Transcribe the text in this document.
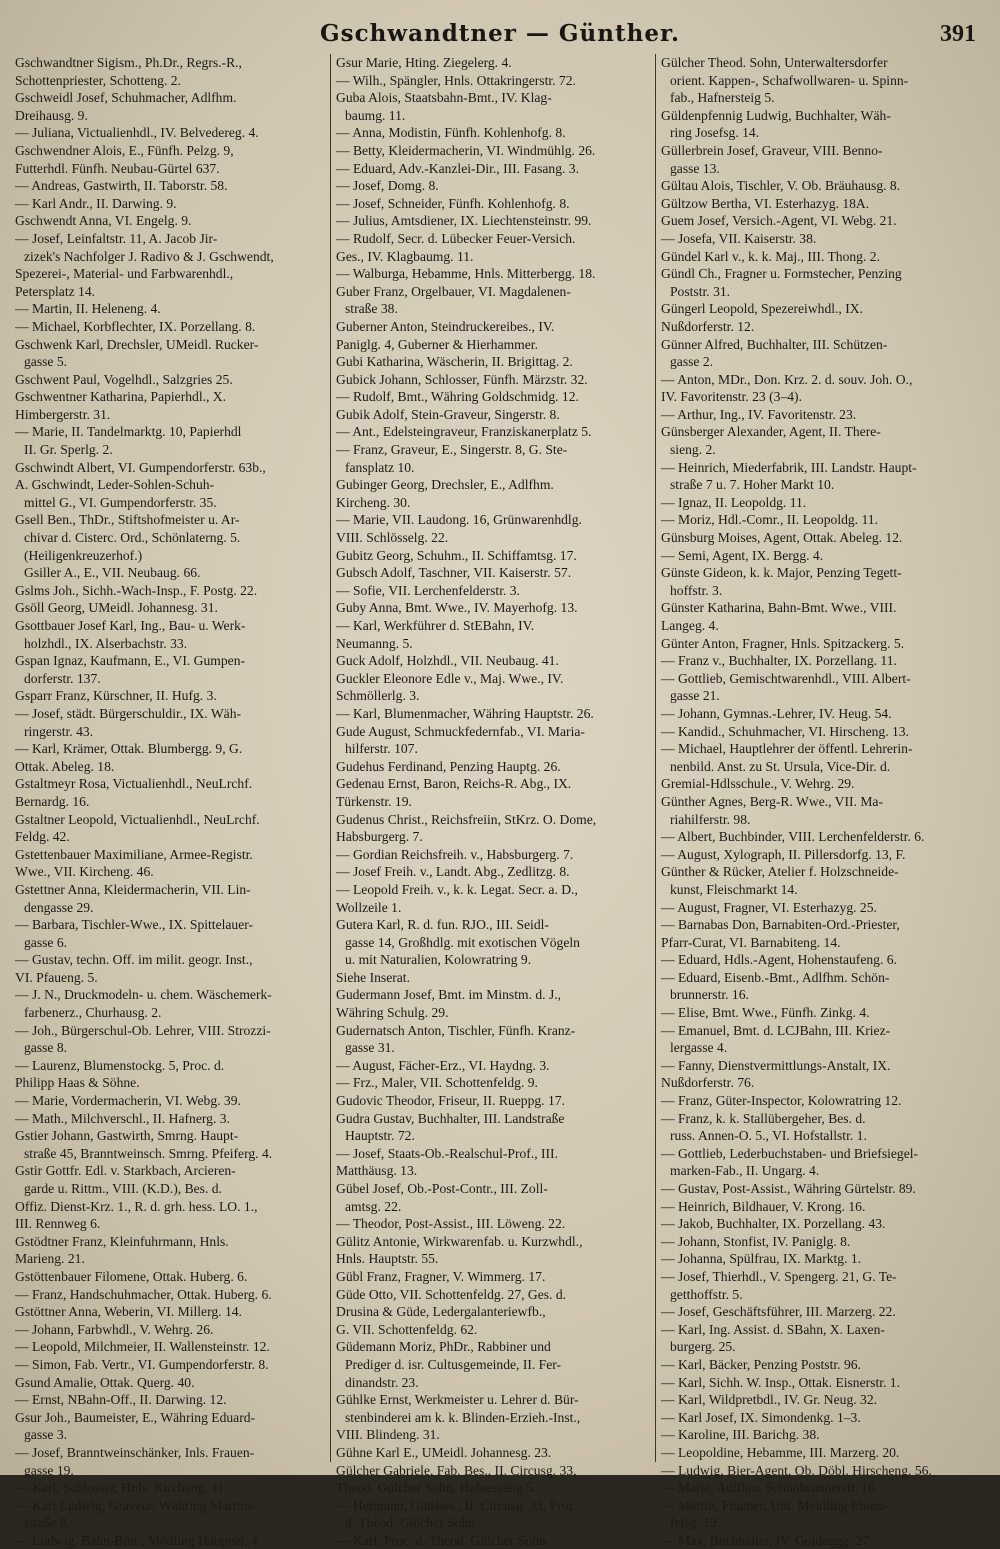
Gschwandtner — Günther.	391
Gschwandtner Sigism., Ph.Dr., Regrs.-R.,
Schottenpriester, Schotteng. 2.
Gschweidl Josef, Schuhmacher, Adlfhm.
Dreihausg. 9.
— Juliana, Victualienhdl., IV. Belvedereg. 4.
Gschwendner Alois, E., Fünfh. Pelzg. 9,
Futterhdl. Fünfh. Neubau-Gürtel 637.
— Andreas, Gastwirth, II. Taborstr. 58.
— Karl Andr., II. Darwing. 9.
Gschwendt Anna, VI. Engelg. 9.
— Josef, Leinfaltstr. 11, A. Jacob Jir-
zizek's Nachfolger J. Radivo & J. Gschwendt,
Spezerei-, Material- und Farbwarenhdl.,
Petersplatz 14.
— Martin, II. Heleneng. 4.
— Michael, Korbflechter, IX. Porzellang. 8.
Gschwenk Karl, Drechsler, UMeidl. Rucker-
gasse 5.
Gschwent Paul, Vogelhdl., Salzgries 25.
Gschwentner Katharina, Papierhdl., X.
Himbergerstr. 31.
— Marie, II. Tandelmarktg. 10, Papierhdl
II. Gr. Sperlg. 2.
Gschwindt Albert, VI. Gumpendorferstr. 63b.,
A. Gschwindt, Leder-Sohlen-Schuh-
mittel G., VI. Gumpendorferstr. 35.
Gsell Ben., ThDr., Stiftshofmeister u. Ar-
chivar d. Cisterc. Ord., Schönlaterng. 5.
(Heiligenkreuzerhof.)
Gsiller A., E., VII. Neubaug. 66.
Gslms Joh., Sichh.-Wach-Insp., F. Postg. 22.
Gsöll Georg, UMeidl. Johannesg. 31.
Gsottbauer Josef Karl, Ing., Bau- u. Werk-
holzhdl., IX. Alserbachstr. 33.
Gspan Ignaz, Kaufmann, E., VI. Gumpen-
dorferstr. 137.
Gsparr Franz, Kürschner, II. Hufg. 3.
— Josef, städt. Bürgerschuldir., IX. Wäh-
ringerstr. 43.
— Karl, Krämer, Ottak. Blumbergg. 9, G.
Ottak. Abeleg. 18.
Gstaltmeyr Rosa, Victualienhdl., NeuLrchf.
Bernardg. 16.
Gstaltner Leopold, Victualienhdl., NeuLrchf.
Feldg. 42.
Gstettenbauer Maximiliane, Armee-Registr.
Wwe., VII. Kircheng. 46.
Gstettner Anna, Kleidermacherin, VII. Lin-
dengasse 29.
— Barbara, Tischler-Wwe., IX. Spittelauer-
gasse 6.
— Gustav, techn. Off. im milit. geogr. Inst.,
VI. Pfaueng. 5.
— J. N., Druckmodeln- u. chem. Wäschemerk-
farbenerz., Churhausg. 2.
— Joh., Bürgerschul-Ob. Lehrer, VIII. Strozzi-
gasse 8.
— Laurenz, Blumenstockg. 5, Proc. d.
Philipp Haas & Söhne.
— Marie, Vordermacherin, VI. Webg. 39.
— Math., Milchverschl., II. Hafnerg. 3.
Gstier Johann, Gastwirth, Smrng. Haupt-
straße 45, Branntweinsch. Smrng. Pfeiferg. 4.
Gstir Gottfr. Edl. v. Starkbach, Arcieren-
garde u. Rittm., VIII. (K.D.), Bes. d.
Offiz. Dienst-Krz. 1., R. d. grh. hess. LO. 1.,
III. Rennweg 6.
Gstödtner Franz, Kleinfuhrmann, Hnls.
Marieng. 21.
Gstöttenbauer Filomene, Ottak. Huberg. 6.
— Franz, Handschuhmacher, Ottak. Huberg. 6.
Gstöttner Anna, Weberin, VI. Millerg. 14.
— Johann, Farbwhdl., V. Wehrg. 26.
— Leopold, Milchmeier, II. Wallensteinstr. 12.
— Simon, Fab. Vertr., VI. Gumpendorferstr. 8.
Gsund Amalie, Ottak. Querg. 40.
— Ernst, NBahn-Off., II. Darwing. 12.
Gsur Joh., Baumeister, E., Währing Eduard-
gasse 3.
— Josef, Branntweinschänker, Inls. Frauen-
gasse 19.
— Karl, Schlosser, Hnls. Kircheng. 11.
— Karl Ludwig, Graveur, Währing Martins-
straße 8.
— Ludwig, Bahn-Bmt., Mödling Hauptstr. 4.
Gsur Marie, Hting. Ziegelerg. 4.
— Wilh., Spängler, Hnls. Ottakringerstr. 72.
Guba Alois, Staatsbahn-Bmt., IV. Klag-
baumg. 11.
— Anna, Modistin, Fünfh. Kohlenhofg. 8.
— Betty, Kleidermacherin, VI. Windmühlg. 26.
— Eduard, Adv.-Kanzlei-Dir., III. Fasang. 3.
— Josef, Domg. 8.
— Josef, Schneider, Fünfh. Kohlenhofg. 8.
— Julius, Amtsdiener, IX. Liechtensteinstr. 99.
— Rudolf, Secr. d. Lübecker Feuer-Versich.
Ges., IV. Klagbaumg. 11.
— Walburga, Hebamme, Hnls. Mitterbergg. 18.
Guber Franz, Orgelbauer, VI. Magdalenen-
straße 38.
Guberner Anton, Steindruckereibes., IV.
Paniglg. 4, Guberner & Hierhammer.
Gubi Katharina, Wäscherin, II. Brigittag. 2.
Gubick Johann, Schlosser, Fünfh. Märzstr. 32.
— Rudolf, Bmt., Währing Goldschmidg. 12.
Gubik Adolf, Stein-Graveur, Singerstr. 8.
— Ant., Edelsteingraveur, Franziskanerplatz 5.
— Franz, Graveur, E., Singerstr. 8, G. Ste-
fansplatz 10.
Gubinger Georg, Drechsler, E., Adlfhm.
Kircheng. 30.
— Marie, VII. Laudong. 16, Grünwarenhdlg.
VIII. Schlösselg. 22.
Gubitz Georg, Schuhm., II. Schiffamtsg. 17.
Gubsch Adolf, Taschner, VII. Kaiserstr. 57.
— Sofie, VII. Lerchenfelderstr. 3.
Guby Anna, Bmt. Wwe., IV. Mayerhofg. 13.
— Karl, Werkführer d. StEBahn, IV.
Neumanng. 5.
Guck Adolf, Holzhdl., VII. Neubaug. 41.
Guckler Eleonore Edle v., Maj. Wwe., IV.
Schmöllerlg. 3.
— Karl, Blumenmacher, Währing Hauptstr. 26.
Gude August, Schmuckfedernfab., VI. Maria-
hilferstr. 107.
Gudehus Ferdinand, Penzing Hauptg. 26.
Gedenau Ernst, Baron, Reichs-R. Abg., IX.
Türkenstr. 19.
Gudenus Christ., Reichsfreiin, StKrz. O. Dome,
Habsburgerg. 7.
— Gordian Reichsfreih. v., Habsburgerg. 7.
— Josef Freih. v., Landt. Abg., Zedlitzg. 8.
— Leopold Freih. v., k. k. Legat. Secr. a. D.,
Wollzeile 1.
Gutera Karl, R. d. fun. RJO., III. Seidl-
gasse 14, Großhdlg. mit exotischen Vögeln
u. mit Naturalien, Kolowratring 9.
Siehe Inserat.
Gudermann Josef, Bmt. im Minstm. d. J.,
Währing Schulg. 29.
Gudernatsch Anton, Tischler, Fünfh. Kranz-
gasse 31.
— August, Fächer-Erz., VI. Haydng. 3.
— Frz., Maler, VII. Schottenfeldg. 9.
Gudovic Theodor, Friseur, II. Rueppg. 17.
Gudra Gustav, Buchhalter, III. Landstraße
Hauptstr. 72.
— Josef, Staats-Ob.-Realschul-Prof., III.
Matthäusg. 13.
Gübel Josef, Ob.-Post-Contr., III. Zoll-
amtsg. 22.
— Theodor, Post-Assist., III. Löweng. 22.
Gülitz Antonie, Wirkwarenfab. u. Kurzwhdl.,
Hnls. Hauptstr. 55.
Gübl Franz, Fragner, V. Wimmerg. 17.
Güde Otto, VII. Schottenfeldg. 27, Ges. d.
Drusina & Güde, Ledergalanteriewfb.,
G. VII. Schottenfeldg. 62.
Güdemann Moriz, PhDr., Rabbiner und
Prediger d. isr. Cultusgemeinde, II. Fer-
dinandstr. 23.
Gühlke Ernst, Werkmeister u. Lehrer d. Bür-
stenbinderei am k. k. Blinden-Erzieh.-Inst.,
VIII. Blindeng. 31.
Gühne Karl E., UMeidl. Johannesg. 23.
Gülcher Gabriele, Fab. Bes., II. Circusg. 33,
Theod. Gülcher Sohn, Hafnersteig 5.
— Hermann, Gutsbes., II. Circusg. 33, Proc.
d. Theod. Gülcher Sohn.
— Karl, Proc. d. Theod. Gülcher Sohn.
Gülcher Theod. Sohn, Unterwaltersdorfer
orient. Kappen-, Schafwollwaren- u. Spinn-
fab., Hafnersteig 5.
Güldenpfennig Ludwig, Buchhalter, Wäh-
ring Josefsg. 14.
Güllerbrein Josef, Graveur, VIII. Benno-
gasse 13.
Gültau Alois, Tischler, V. Ob. Bräuhausg. 8.
Gültzow Bertha, VI. Esterhazyg. 18A.
Guem Josef, Versich.-Agent, VI. Webg. 21.
— Josefa, VII. Kaiserstr. 38.
Gündel Karl v., k. k. Maj., III. Thong. 2.
Gündl Ch., Fragner u. Formstecher, Penzing
Poststr. 31.
Güngerl Leopold, Spezereiwhdl., IX.
Nußdorferstr. 12.
Günner Alfred, Buchhalter, III. Schützen-
gasse 2.
— Anton, MDr., Don. Krz. 2. d. souv. Joh. O.,
IV. Favoritenstr. 23 (3–4).
— Arthur, Ing., IV. Favoritenstr. 23.
Günsberger Alexander, Agent, II. There-
sieng. 2.
— Heinrich, Miederfabrik, III. Landstr. Haupt-
straße 7 u. 7. Hoher Markt 10.
— Ignaz, II. Leopoldg. 11.
— Moriz, Hdl.-Comr., II. Leopoldg. 11.
Günsburg Moises, Agent, Ottak. Abeleg. 12.
— Semi, Agent, IX. Bergg. 4.
Günste Gideon, k. k. Major, Penzing Tegett-
hoffstr. 3.
Günster Katharina, Bahn-Bmt. Wwe., VIII.
Langeg. 4.
Günter Anton, Fragner, Hnls. Spitzackerg. 5.
— Franz v., Buchhalter, IX. Porzellang. 11.
— Gottlieb, Gemischtwarenhdl., VIII. Albert-
gasse 21.
— Johann, Gymnas.-Lehrer, IV. Heug. 54.
— Kandid., Schuhmacher, VI. Hirscheng. 13.
— Michael, Hauptlehrer der öffentl. Lehrerin-
nenbild. Anst. zu St. Ursula, Vice-Dir. d.
Gremial-Hdlsschule., V. Wehrg. 29.
Günther Agnes, Berg-R. Wwe., VII. Ma-
riahilferstr. 98.
— Albert, Buchbinder, VIII. Lerchenfelderstr. 6.
— August, Xylograph, II. Pillersdorfg. 13, F.
Günther & Rücker, Atelier f. Holzschneide-
kunst, Fleischmarkt 14.
— August, Fragner, VI. Esterhazyg. 25.
— Barnabas Don, Barnabiten-Ord.-Priester,
Pfarr-Curat, VI. Barnabiteng. 14.
— Eduard, Hdls.-Agent, Hohenstaufeng. 6.
— Eduard, Eisenb.-Bmt., Adlfhm. Schön-
brunnerstr. 16.
— Elise, Bmt. Wwe., Fünfh. Zinkg. 4.
— Emanuel, Bmt. d. LCJBahn, III. Kriez-
lergasse 4.
— Fanny, Dienstvermittlungs-Anstalt, IX.
Nußdorferstr. 76.
— Franz, Güter-Inspector, Kolowratring 12.
— Franz, k. k. Stallübergeher, Bes. d.
russ. Annen-O. 5., VI. Hofstallstr. 1.
— Gottlieb, Lederbuchstaben- und Briefsiegel-
marken-Fab., II. Ungarg. 4.
— Gustav, Post-Assist., Währing Gürtelstr. 89.
— Heinrich, Bildhauer, V. Krong. 16.
— Jakob, Buchhalter, IX. Porzellang. 43.
— Johann, Stonfist, IV. Paniglg. 8.
— Johanna, Spülfrau, IX. Marktg. 1.
— Josef, Thierhdl., V. Spengerg. 21, G. Te-
getthoffstr. 5.
— Josef, Geschäftsführer, III. Marzerg. 22.
— Karl, Ing. Assist. d. SBahn, X. Laxen-
burgerg. 25.
— Karl, Bäcker, Penzing Poststr. 96.
— Karl, Sichh. W. Insp., Ottak. Eisnerstr. 1.
— Karl, Wildpretbdl., IV. Gr. Neug. 32.
— Karl Josef, IX. Simondenkg. 1–3.
— Karoline, III. Barichg. 38.
— Leopoldine, Hebamme, III. Marzerg. 20.
— Ludwig, Bier-Agent, Ob. Döbl. Hirscheng. 56.
— Marie, Adlfhm. Schönbrunnerstr. 16.
— Martin, Fragner, Unt. Meidling Ehren-
felsg. 19.
— Max, Buchhalter, IV. Goldeggg. 27.
